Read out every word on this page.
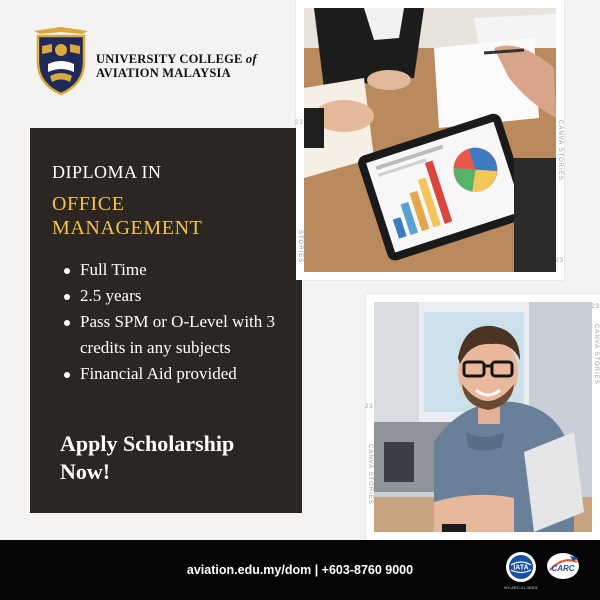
UNIVERSITY COLLEGE of
AVIATION MALAYSIA
DIPLOMA IN
OFFICE
MANAGEMENT
Full Time
2.5 years
Pass SPM or O-Level with 3 credits in any subjects
Financial Aid provided
Apply Scholarship
Now!
CANVA STORIES
CANVA STORIES	23
23
CANVA STORIES
CANVA STORIES
23
23
aviation.edu.my/dom | +603-8760 9000	IATA
MY-ARC-01-30301
CARC
